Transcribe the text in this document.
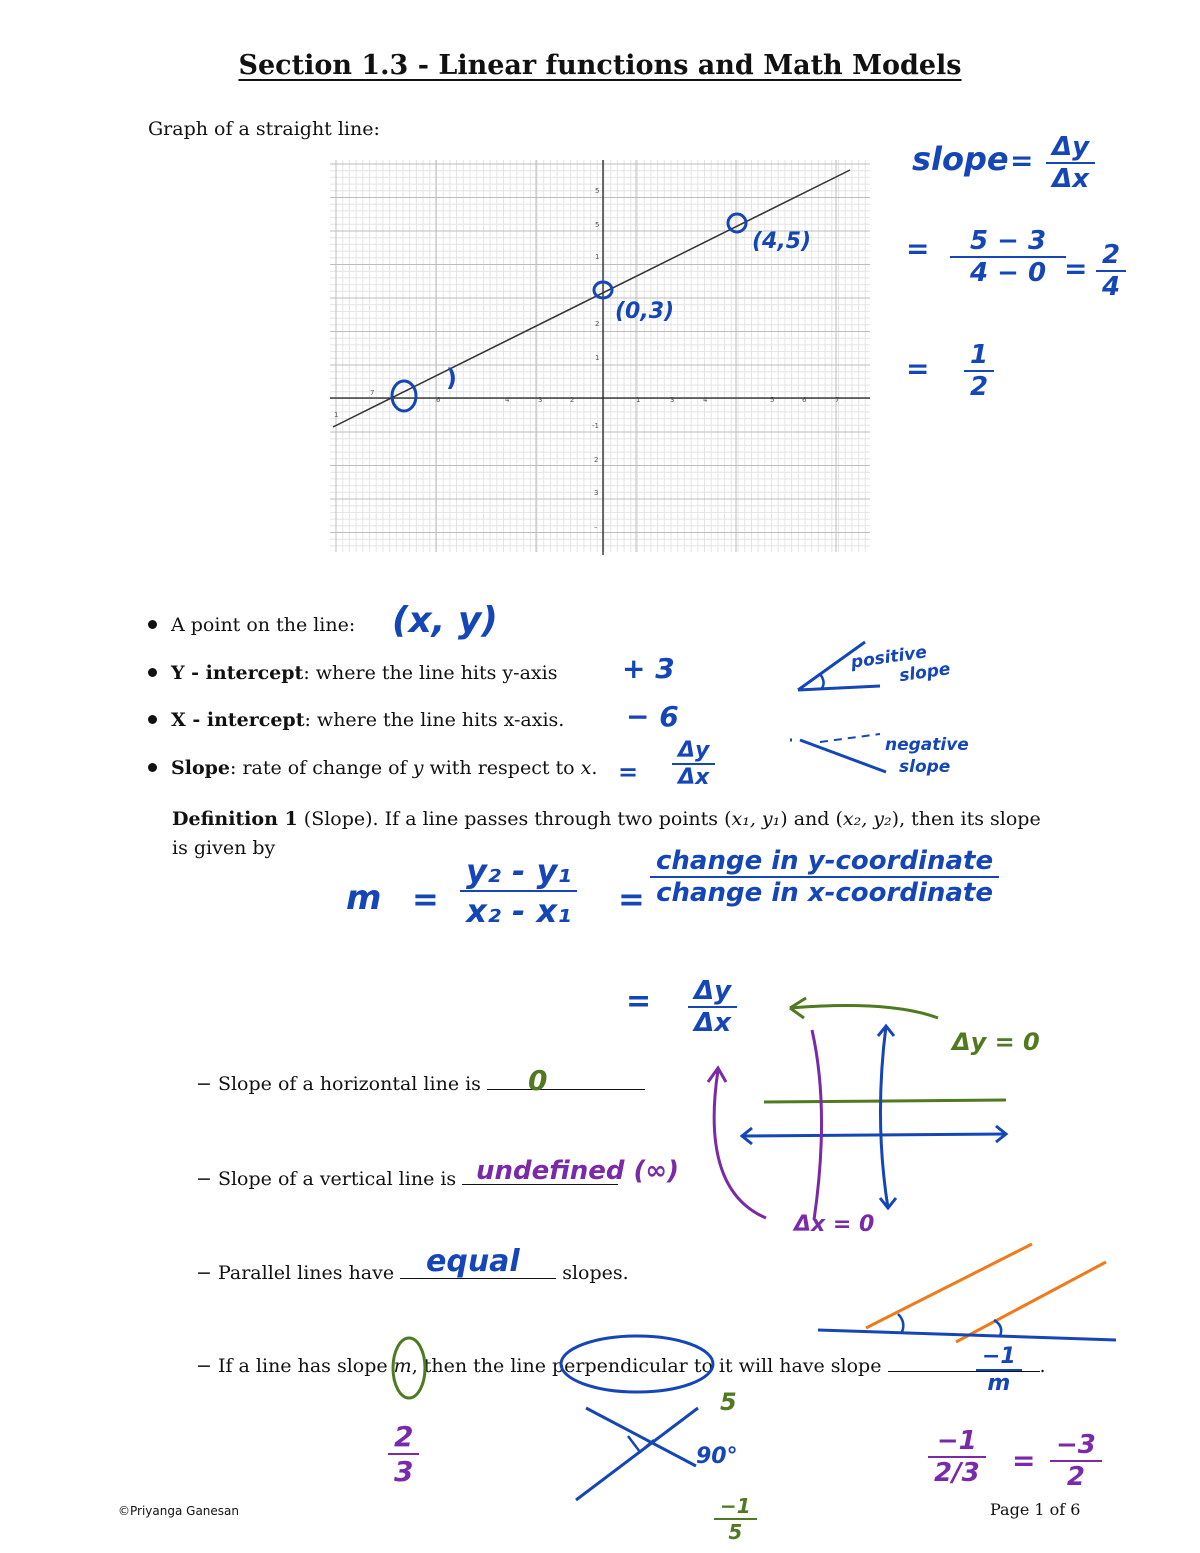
Section 1.3 - Linear functions and Math Models
Graph of a straight line:
7
6	4	3	2	1	3	4	5	6	7
1
5
5
1
2
1
-1
2
3
–
(4,5)
(0,3)
)
slope = $\frac{\Delta y}{\Delta x}$
= $\frac{5 - 3}{4 - 0}$
= $\frac{2}{4}$
= $\frac{1}{2}$
A point on the line: (x, y)
Y - intercept: where the line hits y-axis + 3
X - intercept: where the line hits x-axis. − 6
Slope: rate of change of y with respect to x. = $\frac{\Delta y}{\Delta x}$
positive
slope
negative
slope
Definition 1 (Slope). If a line passes through two points (x₁, y₁) and (x₂, y₂), then its slope
is given by
$m = \frac{\text{y₂ - y₁}}{\text{x₂ - x₁}}$ =
change in y-coordinate
change in x-coordinate
= $\frac{\Delta y}{\Delta x}$
Δy = 0
Δx = 0
− Slope of a horizontal line is	0
− Slope of a vertical line is undefined (∞)
− Parallel lines have	slopes.
equal
− If a line has slope m, then the line perpendicular to it will have slope	.
$\frac{-1}{m}$
$\frac{2}{3}$	90°
5
$\frac{-1}{5}$
$\frac{-1}{2/3} = \frac{-3}{2}$
©Priyanga Ganesan	Page 1 of 6
